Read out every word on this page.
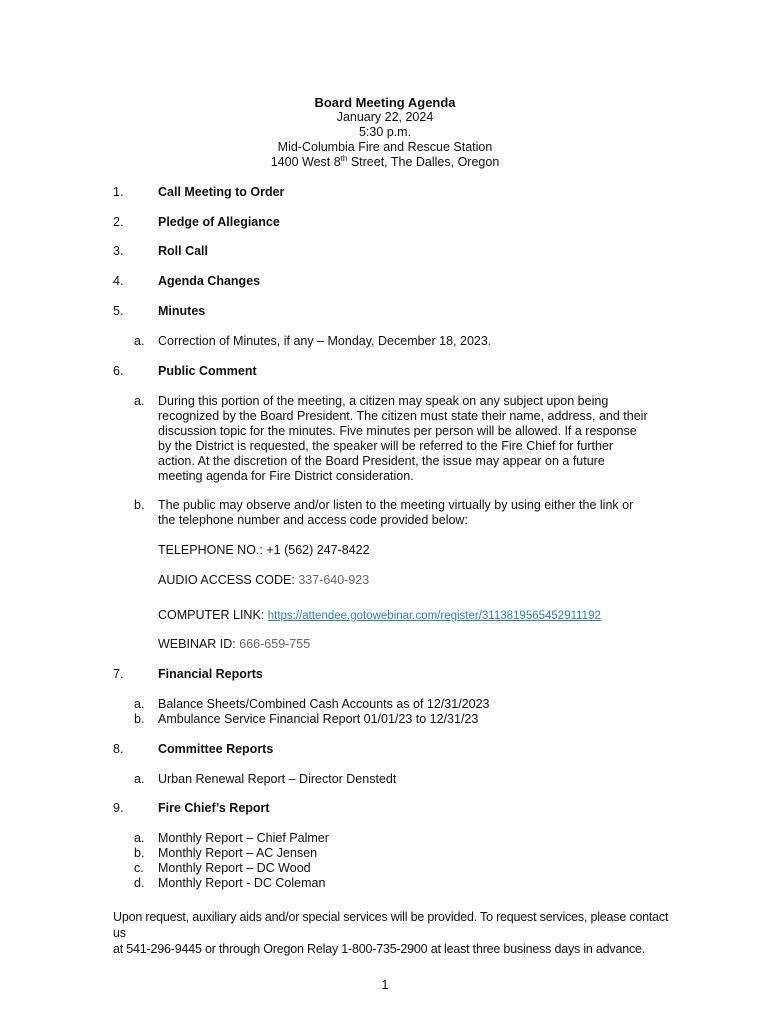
Board Meeting Agenda
January 22, 2024
5:30 p.m.
Mid-Columbia Fire and Rescue Station
1400 West 8th Street, The Dalles, Oregon
1.	Call Meeting to Order
2.	Pledge of Allegiance
3.	Roll Call
4.	Agenda Changes
5.	Minutes
a. Correction of Minutes, if any – Monday, December 18, 2023.
6.	Public Comment
a. During this portion of the meeting, a citizen may speak on any subject upon being
recognized by the Board President. The citizen must state their name, address, and their
discussion topic for the minutes. Five minutes per person will be allowed. If a response
by the District is requested, the speaker will be referred to the Fire Chief for further
action. At the discretion of the Board President, the issue may appear on a future
meeting agenda for Fire District consideration.
b. The public may observe and/or listen to the meeting virtually by using either the link or
the telephone number and access code provided below:
TELEPHONE NO.: +1 (562) 247-8422
AUDIO ACCESS CODE: 337-640-923
COMPUTER LINK: https://attendee.gotowebinar.com/register/3113819565452911192
WEBINAR ID: 666-659-755
7.	Financial Reports
a. Balance Sheets/Combined Cash Accounts as of 12/31/2023
b. Ambulance Service Financial Report 01/01/23 to 12/31/23
8.	Committee Reports
a. Urban Renewal Report – Director Denstedt
9.	Fire Chief’s Report
a. Monthly Report – Chief Palmer
b. Monthly Report – AC Jensen
c. Monthly Report – DC Wood
d. Monthly Report - DC Coleman
Upon request, auxiliary aids and/or special services will be provided. To request services, please contact us
at 541-296-9445 or through Oregon Relay 1-800-735-2900 at least three business days in advance.
1
